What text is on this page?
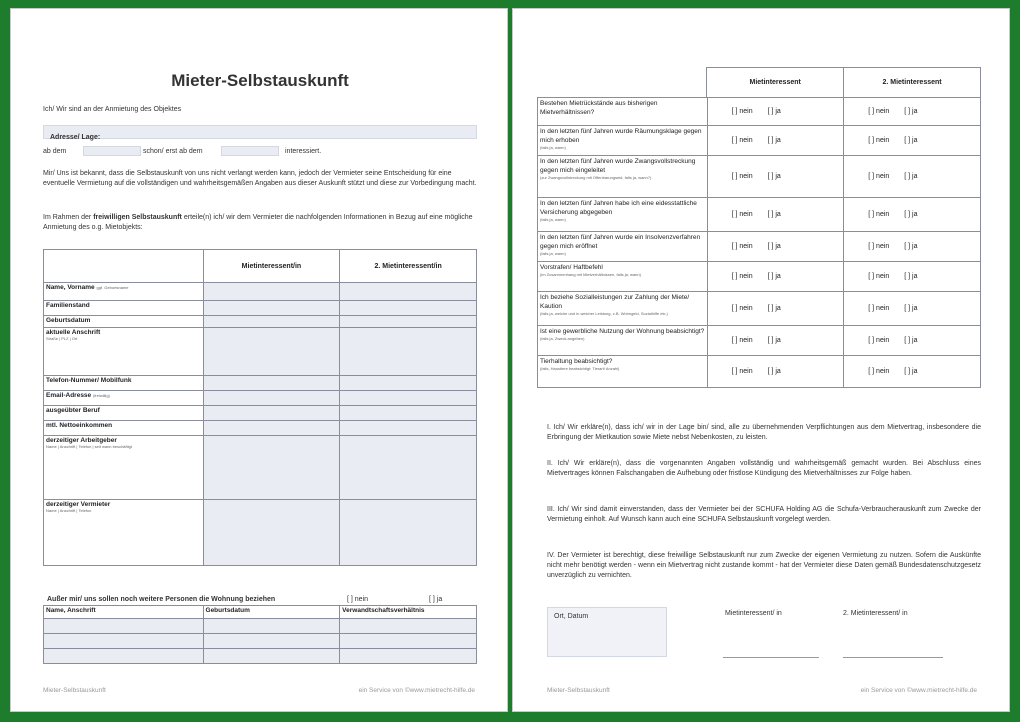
Mieter-Selbstauskunft
Ich/ Wir sind an der Anmietung des Objektes
Adresse/ Lage:
ab dem	schon/ erst ab dem	interessiert.
Mir/ Uns ist bekannt, dass die Selbstauskunft von uns nicht verlangt werden kann, jedoch der Vermieter seine Entscheidung für eine eventuelle Vermietung auf die vollständigen und wahrheitsgemäßen Angaben aus dieser Auskunft stützt und diese zur Vorbedingung macht.
Im Rahmen der freiwilligen Selbstauskunft erteile(n) ich/ wir dem Vermieter die nachfolgenden Informationen in Bezug auf eine mögliche Anmietung des o.g. Mietobjekts:
	Mietinteressent/in	2. Mietinteressent/in
Name, Vorname ggf. Geburtsname		
Familienstand		
Geburtsdatum		
aktuelle Anschrift
Straße | PLZ | Ort		

Telefon-Nummer/ Mobilfunk		
Email-Adresse (freiwillig)		
ausgeübter Beruf		
mtl. Nettoeinkommen		
derzeitiger Arbeitgeber
Name | Anschrift | Telefon | seit wann beschäftigt		

derzeitiger Vermieter
Name | Anschrift | Telefon		

Außer mir/ uns sollen noch weitere Personen die Wohnung beziehen	[ ] nein	[ ] ja
Name, Anschrift	Geburtsdatum	Verwandtschaftsverhältnis

Mieter-Selbstauskunft	ein Service von ©www.mietrecht-hilfe.de
	Mietinteressent	2. Mietinteressent
Bestehen Mietrückstände aus bisherigen Mietverhältnissen?	[ ] nein [ ] ja	[ ] nein [ ] ja
In den letzten fünf Jahren wurde Räumungsklage gegen mich erhoben
(falls ja, wann)	[ ] nein [ ] ja	[ ] nein [ ] ja
In den letzten fünf Jahren wurde Zwangsvollstreckung gegen mich eingeleitet
(zur Zwangsvollstreckung mit Offenbarungseid, falls ja, wann?)	[ ] nein [ ] ja	[ ] nein [ ] ja
In den letzten fünf Jahren habe ich eine eidesstattliche Versicherung abgegeben
(falls ja, wann)	[ ] nein [ ] ja	[ ] nein [ ] ja
In den letzten fünf Jahren wurde ein Insolvenzverfahren gegen mich eröffnet
(falls ja, wann)	[ ] nein [ ] ja	[ ] nein [ ] ja
Vorstrafen/ Haftbefehl
(im Zusammenhang mit Mietverhältnissen, falls ja, wann)	[ ] nein [ ] ja	[ ] nein [ ] ja
Ich beziehe Sozialleistungen zur Zahlung der Miete/ Kaution
(falls ja, welche und in welcher Leistung, z.B. Wohngeld, Sozialhilfe etc.)	[ ] nein [ ] ja	[ ] nein [ ] ja
Ist eine gewerbliche Nutzung der Wohnung beabsichtigt?
(falls ja, Zweck angeben)	[ ] nein [ ] ja	[ ] nein [ ] ja
Tierhaltung beabsichtigt?
(falls, Haustiere beabsichtigt: Tierart/ Anzahl)	[ ] nein [ ] ja	[ ] nein [ ] ja
I. Ich/ Wir erkläre(n), dass ich/ wir in der Lage bin/ sind, alle zu übernehmenden Verpflichtungen aus dem Mietvertrag, insbesondere die Erbringung der Mietkaution sowie Miete nebst Nebenkosten, zu leisten.
II. Ich/ Wir erkläre(n), dass die vorgenannten Angaben vollständig und wahrheitsgemäß gemacht wurden. Bei Abschluss eines Mietvertrages können Falschangaben die Aufhebung oder fristlose Kündigung des Mietverhältnisses zur Folge haben.
III. Ich/ Wir sind damit einverstanden, dass der Vermieter bei der SCHUFA Holding AG die Schufa-Verbraucherauskunft zum Zwecke der Vermietung einholt. Auf Wunsch kann auch eine SCHUFA Selbstauskunft vorgelegt werden.
IV. Der Vermieter ist berechtigt, diese freiwillige Selbstauskunft nur zum Zwecke der eigenen Vermietung zu nutzen. Sofern die Auskünfte nicht mehr benötigt werden - wenn ein Mietvertrag nicht zustande kommt - hat der Vermieter diese Daten gemäß Bundesdatenschutzgesetz unverzüglich zu vernichten.
Ort, Datum	Mietinteressent/ in	2. Mietinteressent/ in
Mieter-Selbstauskunft	ein Service von ©www.mietrecht-hilfe.de
